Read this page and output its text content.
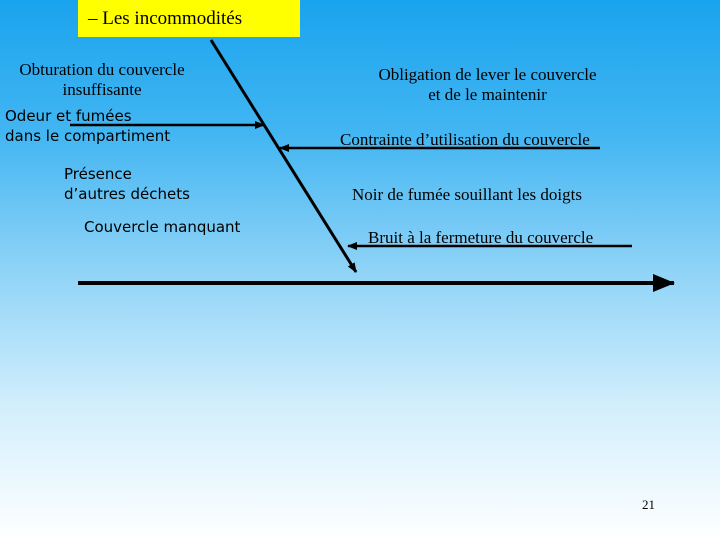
– Les incommodités
Obturation du couvercle
insuffisante
Odeur et fumées
dans le compartiment
Présence
d’autres déchets
Couvercle manquant
Obligation de lever le couvercle
et de le maintenir
Contrainte d’utilisation du couvercle
Noir de fumée souillant les doigts
Bruit à la fermeture du couvercle
21
